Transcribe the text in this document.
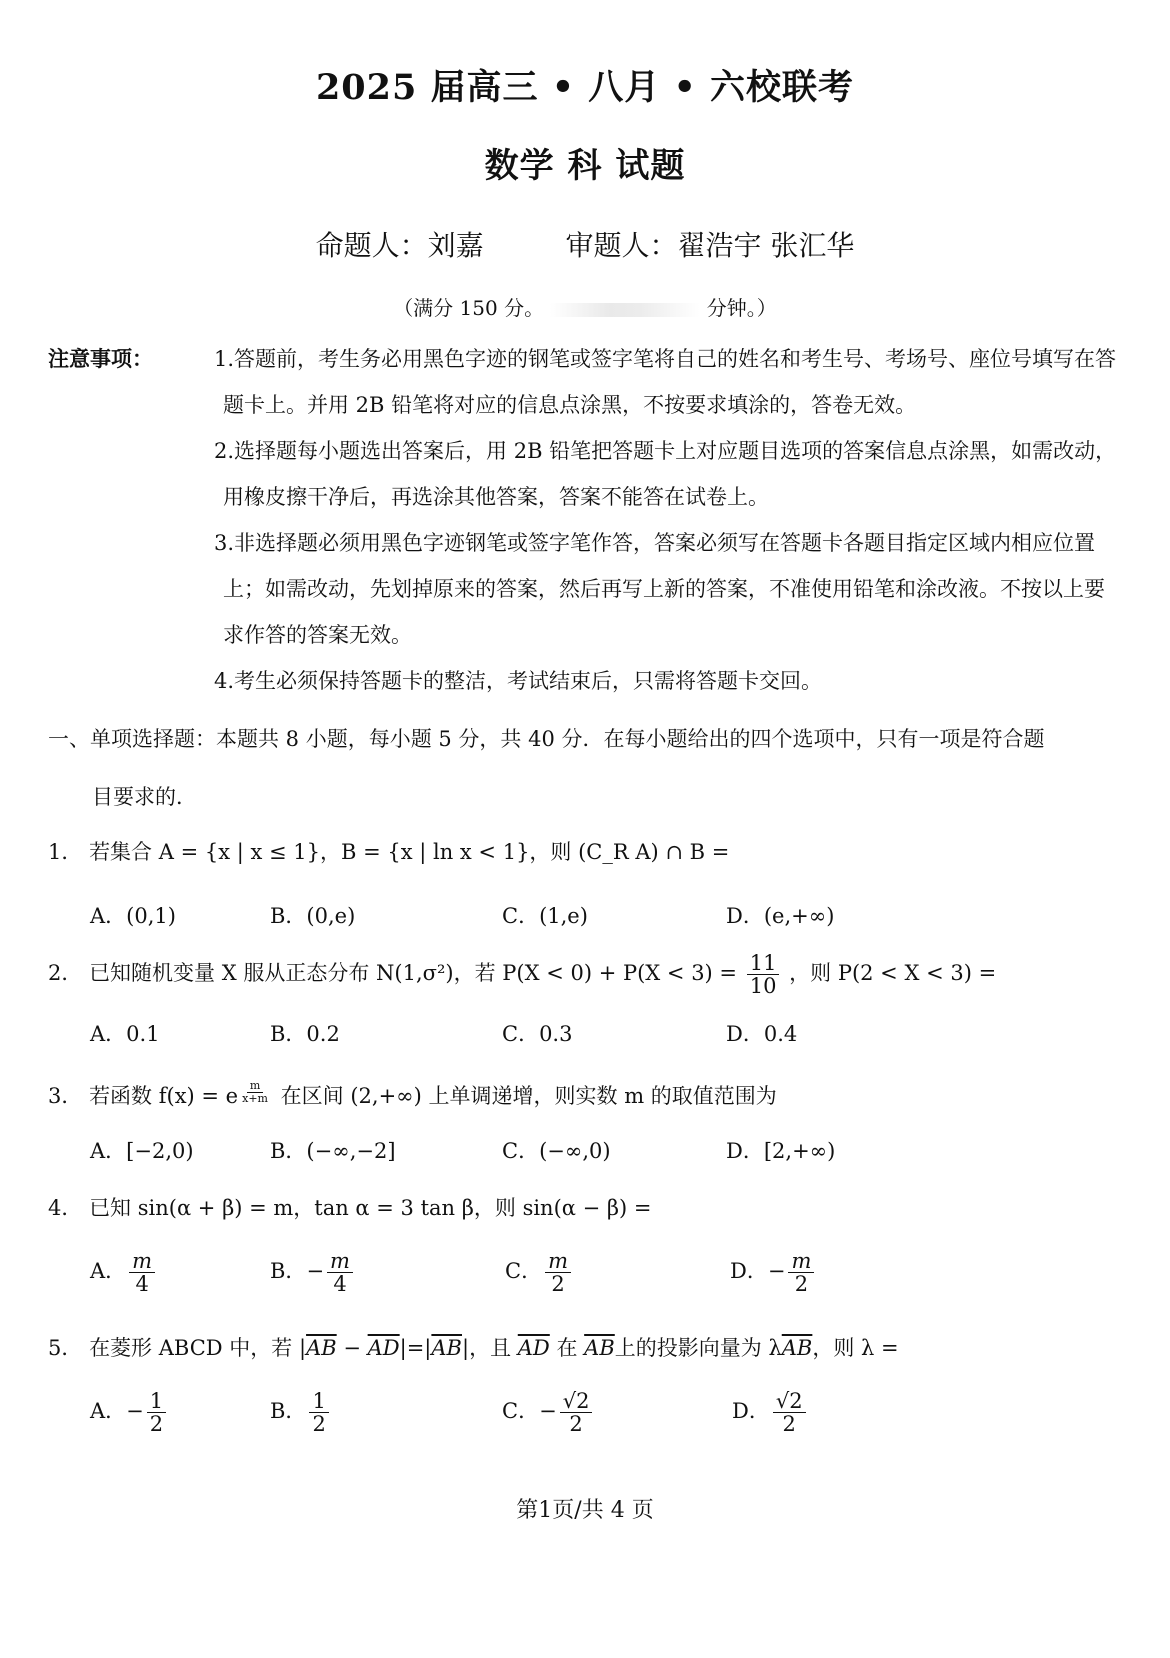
2025 届高三 • 八月 • 六校联考
数学 科 试题
命题人：刘嘉	审题人：翟浩宇 张汇华
（满分 150 分。	分钟。）
注意事项：	1.答题前，考生务必用黑色字迹的钢笔或签字笔将自己的姓名和考生号、考场号、座位号填写在答题卡上。并用 2B 铅笔将对应的信息点涂黑，不按要求填涂的，答卷无效。
2.选择题每小题选出答案后，用 2B 铅笔把答题卡上对应题目选项的答案信息点涂黑，如需改动，用橡皮擦干净后，再选涂其他答案，答案不能答在试卷上。
3.非选择题必须用黑色字迹钢笔或签字笔作答，答案必须写在答题卡各题目指定区域内相应位置上；如需改动，先划掉原来的答案，然后再写上新的答案，不准使用铅笔和涂改液。不按以上要求作答的答案无效。
4.考生必须保持答题卡的整洁，考试结束后，只需将答题卡交回。
一、单项选择题：本题共 8 小题，每小题 5 分，共 40 分．在每小题给出的四个选项中，只有一项是符合题
目要求的．
1． 若集合 A = {x | x ≤ 1}，B = {x | ln x < 1}，则 (C_R A) ∩ B =
A．(0,1)	B．(0,e)	C．(1,e)	D．(e,+∞)
2． 已知随机变量 X 服从正态分布 N(1,σ²)，若 $P(X < 0) + P(X < 3) = \frac{11}{10}$ ，则 P(2 < X < 3) =
A．0.1	B．0.2	C．0.3	D．0.4
3． 若函数 f(x) = e $\frac{m}{x+m}$ 在区间 (2,+∞) 上单调递增，则实数 m 的取值范围为
A．[−2,0)	B．(−∞,−2]	C．(−∞,0)	D．[2,+∞)
4． 已知 sin(α + β) = m，tan α = 3 tan β，则 sin(α − β) =
A． $\frac{m}{4}$	B．− $\frac{m}{4}$	C． $\frac{m}{2}$	D．− $\frac{m}{2}$
5． 在菱形 ABCD 中，若 $|\overline{AB} - \overline{AD}|=|\overline{AB}|$，且 $\overline{AD}$ 在 $\overline{AB}$上的投影向量为 $\lambda\overline{AB}$，则 λ =
A．− $\frac{1}{2}$	B． $\frac{1}{2}$	C．− $\frac{√2}{2}$	D． $\frac{√2}{2}$
第1页/共 4 页
